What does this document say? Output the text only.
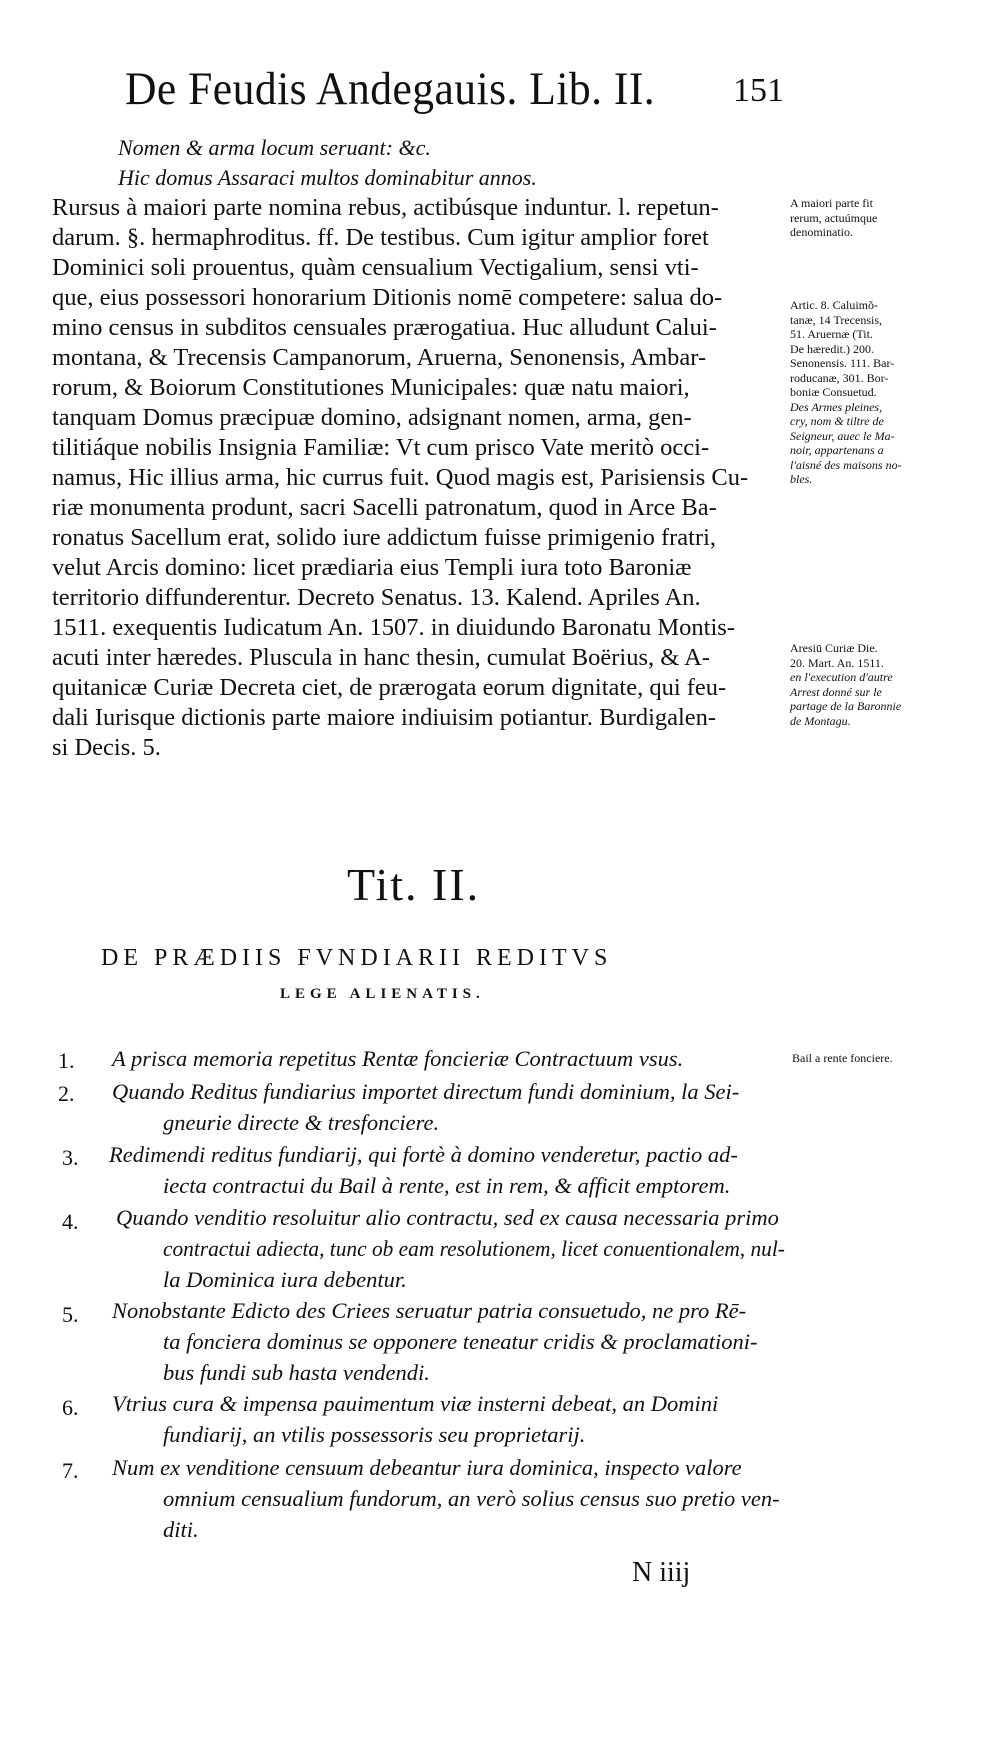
De Feudis Andegauis. Lib. II. 151
Nomen & arma locum seruant: &c.
Hic domus Assaraci multos dominabitur annos.
Rursus à maiori parte nomina rebus, actibúsque induntur. l. repetun-
darum. §. hermaphroditus. ff. De testibus. Cum igitur amplior foret
Dominici soli prouentus, quàm censualium Vectigalium, sensi vti-
que, eius possessori honorarium Ditionis nomē competere: salua do-
mino census in subditos censuales prærogatiua. Huc alludunt Calui-
montana, & Trecensis Campanorum, Aruerna, Senonensis, Ambar-
rorum, & Boiorum Constitutiones Municipales: quæ natu maiori,
tanquam Domus præcipuæ domino, adsignant nomen, arma, gen-
tilitiáque nobilis Insignia Familiæ: Vt cum prisco Vate meritò occi-
namus, Hic illius arma, hic currus fuit. Quod magis est, Parisiensis Cu-
riæ monumenta produnt, sacri Sacelli patronatum, quod in Arce Ba-
ronatus Sacellum erat, solido iure addictum fuisse primigenio fratri,
velut Arcis domino: licet prædiaria eius Templi iura toto Baroniæ
territorio diffunderentur. Decreto Senatus. 13. Kalend. Apriles An.
1511. exequentis Iudicatum An. 1507. in diuidundo Baronatu Montis-
acuti inter hæredes. Pluscula in hanc thesin, cumulat Boërius, & A-
quitanicæ Curiæ Decreta ciet, de prærogata eorum dignitate, qui feu-
dali Iurisque dictionis parte maiore indiuisim potiantur. Burdigalen-
si Decis. 5.
A maiori parte fit
rerum, actuúmque
denominatio.
Artic. 8. Caluimõ-
tanæ, 14 Trecensis,
51. Aruernæ (Tit.
De hæredit.) 200.
Senonensis. 111. Bar-
roducanæ, 301. Bor-
boniæ Consuetud.
Des Armes pleines,
cry, nom & tiltre de
Seigneur, auec le Ma-
noir, appartenans a
l'aisné des maisons no-
bles.
Aresiū Curiæ Die.
20. Mart. An. 1511.
en l'execution d'autre
Arrest donné sur le
partage de la Baronnie
de Montagu.
Tit. II.
DE PRÆDIIS FVNDIARII REDITVS
LEGE ALIENATIS.
Bail a rente fonciere.
1. A prisca memoria repetitus Rentæ foncieriæ Contractuum vsus.
2. Quando Reditus fundiarius importet directum fundi dominium, la Sei-
gneurie directe & tresfonciere.
3. Redimendi reditus fundiarij, qui fortè à domino venderetur, pactio ad-
iecta contractui du Bail à rente, est in rem, & afficit emptorem.
4. Quando venditio resoluitur alio contractu, sed ex causa necessaria primo
contractui adiecta, tunc ob eam resolutionem, licet conuentionalem, nul-
la Dominica iura debentur.
5. Nonobstante Edicto des Criees seruatur patria consuetudo, ne pro Rē-
ta fonciera dominus se opponere teneatur cridis & proclamationi-
bus fundi sub hasta vendendi.
6. Vtrius cura & impensa pauimentum viæ insterni debeat, an Domini
fundiarij, an vtilis possessoris seu proprietarij.
7. Num ex venditione censuum debeantur iura dominica, inspecto valore
omnium censualium fundorum, an verò solius census suo pretio ven-
diti.
N iiij
